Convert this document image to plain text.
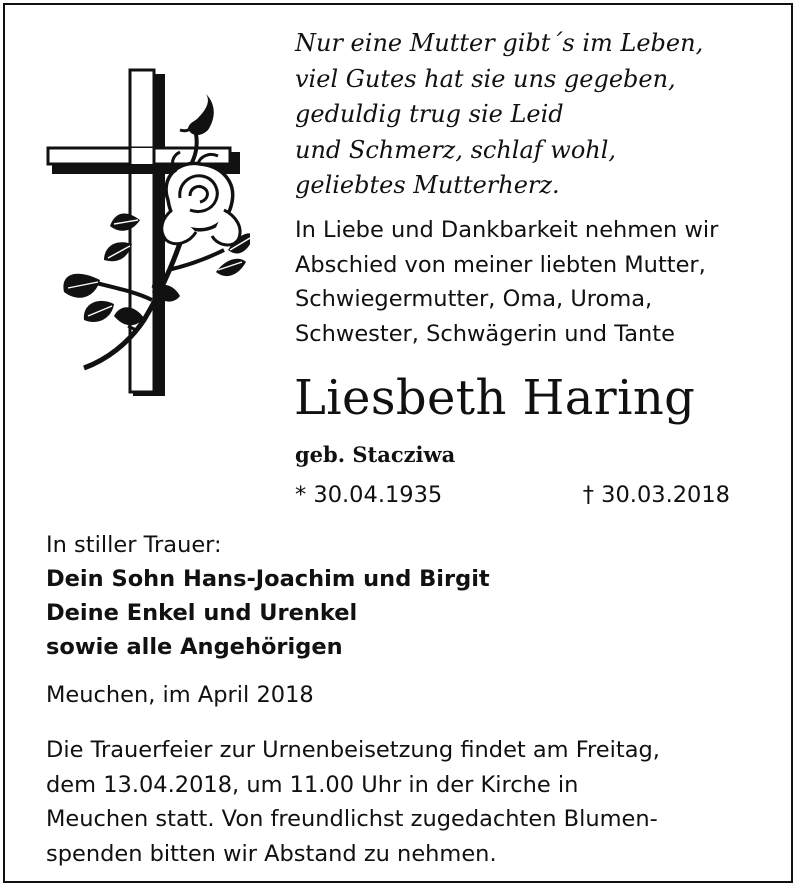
Nur eine Mutter gibt´s im Leben,
viel Gutes hat sie uns gegeben,
geduldig trug sie Leid
und Schmerz, schlaf wohl,
geliebtes Mutterherz.
In Liebe und Dankbarkeit nehmen wir
Abschied von meiner liebten Mutter,
Schwiegermutter, Oma, Uroma,
Schwester, Schwägerin und Tante
Liesbeth Haring
geb. Stacziwa
* 30.04.1935	† 30.03.2018
In stiller Trauer:
Dein Sohn Hans-Joachim und Birgit
Deine Enkel und Urenkel
sowie alle Angehörigen
Meuchen, im April 2018
Die Trauerfeier zur Urnenbeisetzung findet am Freitag,
dem 13.04.2018, um 11.00 Uhr in der Kirche in
Meuchen statt. Von freundlichst zugedachten Blumen-
spenden bitten wir Abstand zu nehmen.
